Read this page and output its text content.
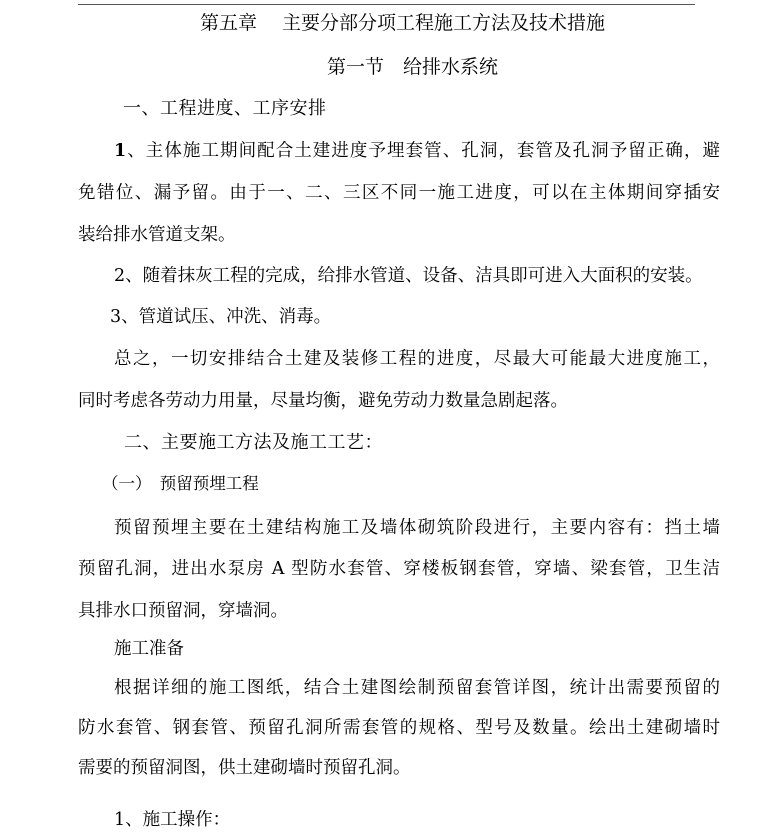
第五章　 主要分部分项工程施工方法及技术措施
第一节　给排水系统
一、工程进度、工序安排
1、主体施工期间配合土建进度予埋套管、孔洞，套管及孔洞予留正确，避
免错位、漏予留。由于一、二、三区不同一施工进度，可以在主体期间穿插安
装给排水管道支架。
2、随着抹灰工程的完成，给排水管道、设备、洁具即可进入大面积的安装。
3、管道试压、冲洗、消毒。
总之，一切安排结合土建及装修工程的进度，尽最大可能最大进度施工，
同时考虑各劳动力用量，尽量均衡，避免劳动力数量急剧起落。
二、主要施工方法及施工工艺：
（一）　预留预埋工程
预留预埋主要在土建结构施工及墙体砌筑阶段进行，主要内容有：挡土墙
预留孔洞，进出水泵房 A 型防水套管、穿楼板钢套管，穿墙、梁套管，卫生洁
具排水口预留洞，穿墙洞。
施工准备
根据详细的施工图纸，结合土建图绘制预留套管详图，统计出需要预留的
防水套管、钢套管、预留孔洞所需套管的规格、型号及数量。绘出土建砌墙时
需要的预留洞图，供土建砌墙时预留孔洞。
1、施工操作：
